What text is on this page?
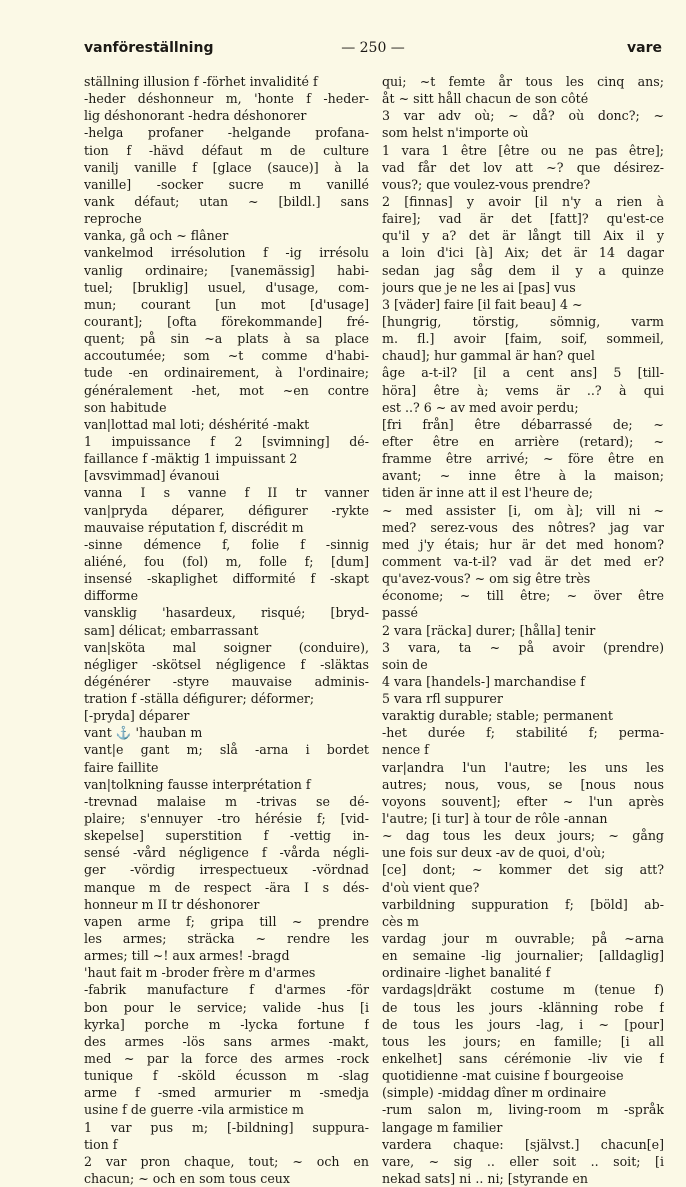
vanföreställning	— 250 —	vare
ställning illusion f -förhet invalidité f
-heder déshonneur m, 'honte f -heder-
lig déshonorant -hedra déshonorer
-helga profaner -helgande profana-
tion f -hävd défaut m de culture
vanilj vanille f [glace (sauce)] à la
vanille] -socker sucre m vanillé
vank défaut; utan ~ [bildl.] sans
reproche
vanka, gå och ~ flâner
vankelmod irrésolution f -ig irrésolu
vanlig ordinaire; [vanemässig] habi-
tuel; [bruklig] usuel, d'usage, com-
mun; courant [un mot [d'usage]
courant]; [ofta förekommande] fré-
quent; på sin ~a plats à sa place
accoutumée; som ~t comme d'habi-
tude -en ordinairement, à l'ordinaire;
généralement -het, mot ~en contre
son habitude
van|lottad mal loti; déshérité -makt
1 impuissance f 2 [svimning] dé-
faillance f -mäktig 1 impuissant 2
[avsvimmad] évanoui
vanna I s vanne f II tr vanner
van|pryda déparer, défigurer -rykte
mauvaise réputation f, discrédit m
-sinne démence f, folie f -sinnig
aliéné, fou (fol) m, folle f; [dum]
insensé -skaplighet difformité f -skapt
difforme
vansklig 'hasardeux, risqué; [bryd-
sam] délicat; embarrassant
van|sköta mal soigner (conduire),
négliger -skötsel négligence f -släktas
dégénérer -styre mauvaise adminis-
tration f -ställa défigurer; déformer;
[-pryda] déparer
vant ⚓ 'hauban m
vant|e gant m; slå -arna i bordet
faire faillite
van|tolkning fausse interprétation f
-trevnad malaise m -trivas se dé-
plaire; s'ennuyer -tro hérésie f; [vid-
skepelse] superstition f -vettig in-
sensé -vård négligence f -vårda négli-
ger -vördig irrespectueux -vördnad
manque m de respect -ära I s dés-
honneur m II tr déshonorer
vapen arme f; gripa till ~ prendre
les armes; sträcka ~ rendre les
armes; till ~! aux armes! -bragd
'haut fait m -broder frère m d'armes
-fabrik manufacture f d'armes -för
bon pour le service; valide -hus [i
kyrka] porche m -lycka fortune f
des armes -lös sans armes -makt,
med ~ par la force des armes -rock
tunique f -sköld écusson m -slag
arme f -smed armurier m -smedja
usine f de guerre -vila armistice m
1 var pus m; [-bildning] suppura-
tion f
2 var pron chaque, tout; ~ och en
chacun; ~ och en som tous ceux
qui; ~t femte år tous les cinq ans;
åt ~ sitt håll chacun de son côté
3 var adv où; ~ då? où donc?; ~
som helst n'importe où
1 vara 1 être [être ou ne pas être];
vad får det lov att ~? que désirez-
vous?; que voulez-vous prendre?
2 [finnas] y avoir [il n'y a rien à
faire]; vad är det [fatt]? qu'est-ce
qu'il y a? det är långt till Aix il y
a loin d'ici [à] Aix; det är 14 dagar
sedan jag såg dem il y a quinze
jours que je ne les ai [pas] vus
3 [väder] faire [il fait beau] 4 ~
[hungrig, törstig, sömnig, varm
m. fl.] avoir [faim, soif, sommeil,
chaud]; hur gammal är han? quel
âge a-t-il? [il a cent ans] 5 [till-
höra] être à; vems är ..? à qui
est ..? 6 ~ av med avoir perdu;
[fri från] être débarrassé de; ~
efter être en arrière (retard); ~
framme être arrivé; ~ före être en
avant; ~ inne être à la maison;
tiden är inne att il est l'heure de;
~ med assister [i, om à]; vill ni ~
med? serez-vous des nôtres? jag var
med j'y étais; hur är det med honom?
comment va-t-il? vad är det med er?
qu'avez-vous? ~ om sig être très
économe; ~ till être; ~ över être
passé
2 vara [räcka] durer; [hålla] tenir
3 vara, ta ~ på avoir (prendre)
soin de
4 vara [handels-] marchandise f
5 vara rfl suppurer
varaktig durable; stable; permanent
-het durée f; stabilité f; perma-
nence f
var|andra l'un l'autre; les uns les
autres; nous, vous, se [nous nous
voyons souvent]; efter ~ l'un après
l'autre; [i tur] à tour de rôle -annan
~ dag tous les deux jours; ~ gång
une fois sur deux -av de quoi, d'où;
[ce] dont; ~ kommer det sig att?
d'où vient que?
varbildning suppuration f; [böld] ab-
cès m
vardag jour m ouvrable; på ~arna
en semaine -lig journalier; [alldaglig]
ordinaire -lighet banalité f
vardags|dräkt costume m (tenue f)
de tous les jours -klänning robe f
de tous les jours -lag, i ~ [pour]
tous les jours; en famille; [i all
enkelhet] sans cérémonie -liv vie f
quotidienne -mat cuisine f bourgeoise
(simple) -middag dîner m ordinaire
-rum salon m, living-room m -språk
langage m familier
vardera chaque: [självst.] chacun[e]
vare, ~ sig .. eller soit .. soit; [i
nekad sats] ni .. ni; [styrande en
